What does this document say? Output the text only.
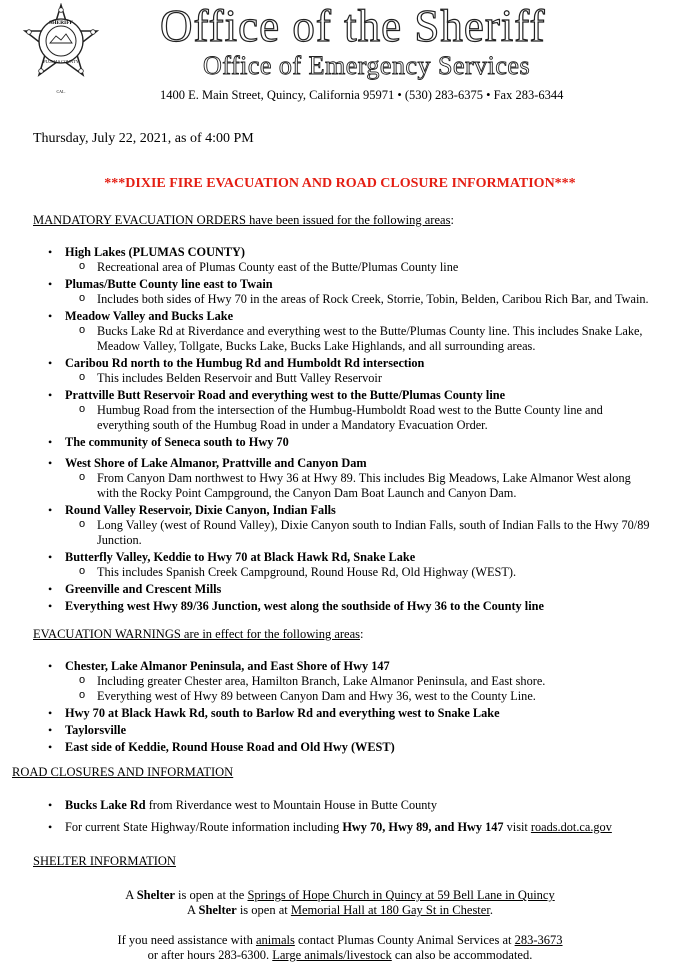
SHERIFF
PLUMAS COUNTY
CAL.
Office of the Sheriff
Office of Emergency Services
1400 E. Main Street, Quincy, California 95971 • (530) 283-6375 • Fax 283-6344
Thursday, July 22, 2021, as of 4:00 PM
***DIXIE FIRE EVACUATION AND ROAD CLOSURE INFORMATION***
MANDATORY EVACUATION ORDERS have been issued for the following areas:
• High Lakes (PLUMAS COUNTY)
o Recreational area of Plumas County east of the Butte/Plumas County line
• Plumas/Butte County line east to Twain
o Includes both sides of Hwy 70 in the areas of Rock Creek, Storrie, Tobin, Belden, Caribou Rich Bar, and Twain.
• Meadow Valley and Bucks Lake
o Bucks Lake Rd at Riverdance and everything west to the Butte/Plumas County line. This includes Snake Lake, Meadow Valley, Tollgate, Bucks Lake, Bucks Lake Highlands, and all surrounding areas.
• Caribou Rd north to the Humbug Rd and Humboldt Rd intersection
o This includes Belden Reservoir and Butt Valley Reservoir
• Prattville Butt Reservoir Road and everything west to the Butte/Plumas County line
o Humbug Road from the intersection of the Humbug-Humboldt Road west to the Butte County line and everything south of the Humbug Road in under a Mandatory Evacuation Order.
• The community of Seneca south to Hwy 70
• West Shore of Lake Almanor, Prattville and Canyon Dam
o From Canyon Dam northwest to Hwy 36 at Hwy 89. This includes Big Meadows, Lake Almanor West along with the Rocky Point Campground, the Canyon Dam Boat Launch and Canyon Dam.
• Round Valley Reservoir, Dixie Canyon, Indian Falls
o Long Valley (west of Round Valley), Dixie Canyon south to Indian Falls, south of Indian Falls to the Hwy 70/89 Junction.
• Butterfly Valley, Keddie to Hwy 70 at Black Hawk Rd, Snake Lake
o This includes Spanish Creek Campground, Round House Rd, Old Highway (WEST).
• Greenville and Crescent Mills
• Everything west Hwy 89/36 Junction, west along the southside of Hwy 36 to the County line
EVACUATION WARNINGS are in effect for the following areas:
• Chester, Lake Almanor Peninsula, and East Shore of Hwy 147
o Including greater Chester area, Hamilton Branch, Lake Almanor Peninsula, and East shore.
o Everything west of Hwy 89 between Canyon Dam and Hwy 36, west to the County Line.
• Hwy 70 at Black Hawk Rd, south to Barlow Rd and everything west to Snake Lake
• Taylorsville
• East side of Keddie, Round House Road and Old Hwy (WEST)
ROAD CLOSURES AND INFORMATION
• Bucks Lake Rd from Riverdance west to Mountain House in Butte County
• For current State Highway/Route information including Hwy 70, Hwy 89, and Hwy 147 visit roads.dot.ca.gov
SHELTER INFORMATION
A Shelter is open at the Springs of Hope Church in Quincy at 59 Bell Lane in Quincy
A Shelter is open at Memorial Hall at 180 Gay St in Chester.
If you need assistance with animals contact Plumas County Animal Services at 283-3673
or after hours 283-6300. Large animals/livestock can also be accommodated.
